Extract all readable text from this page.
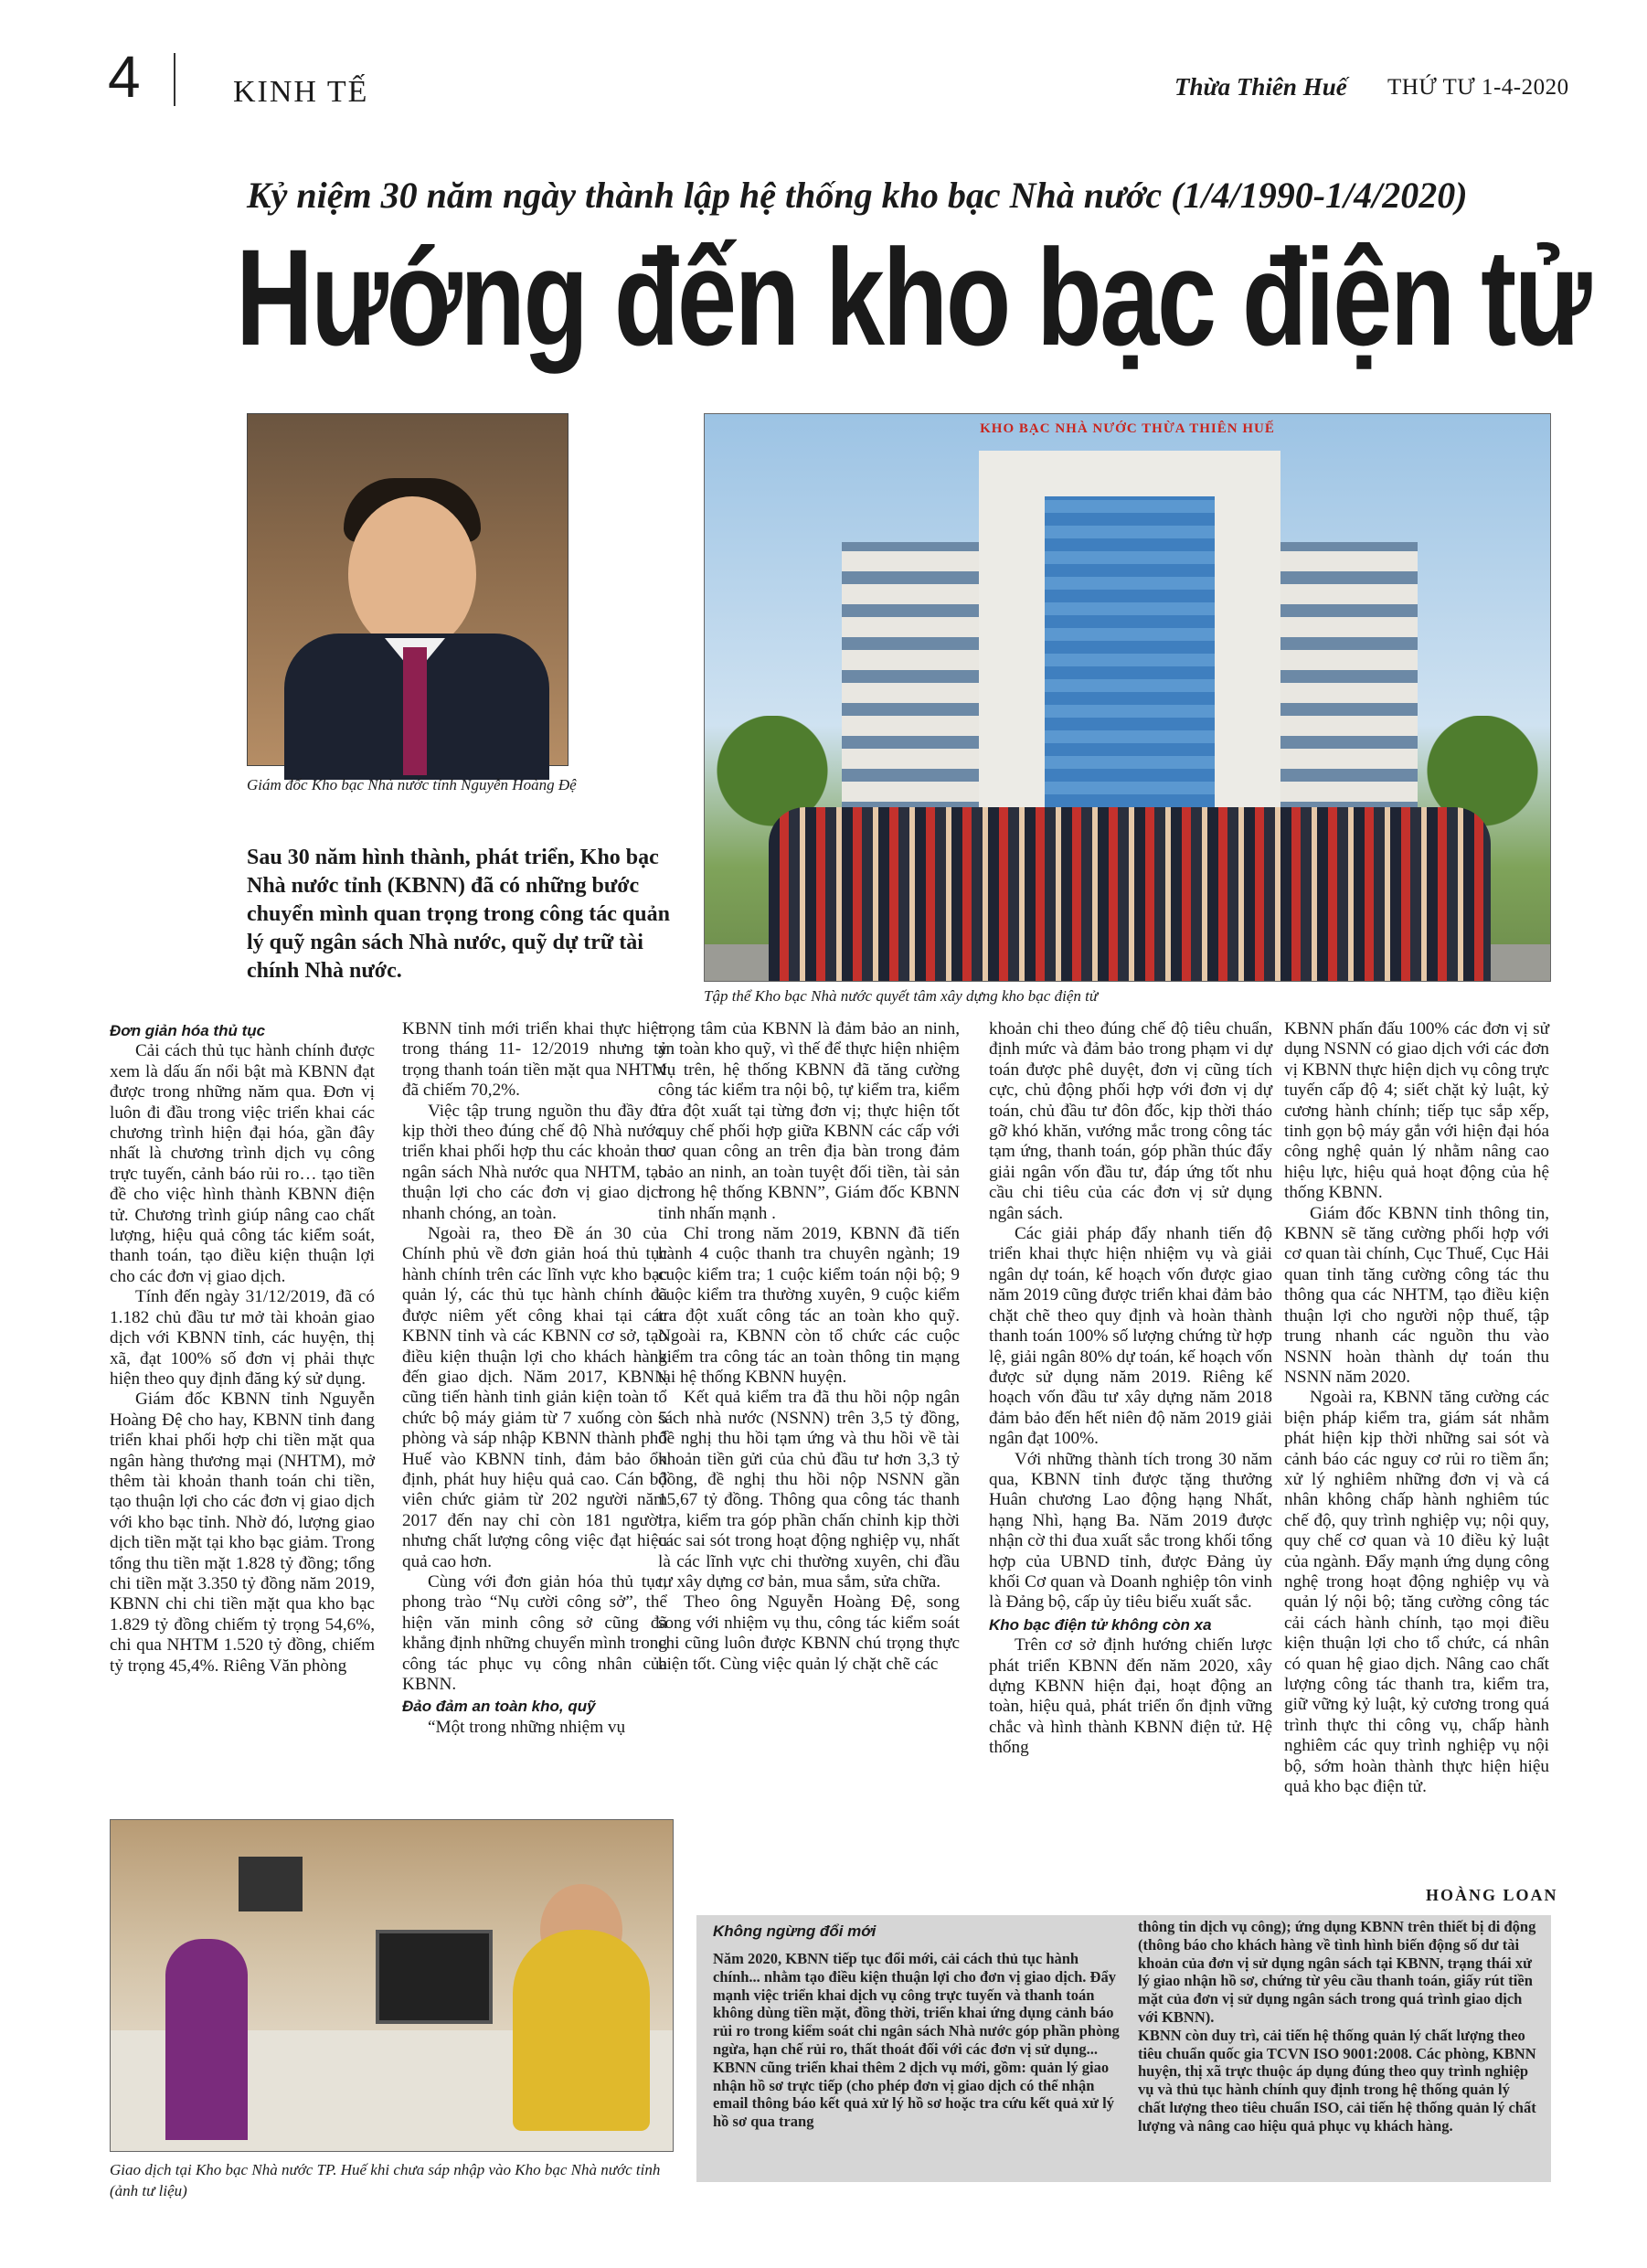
4	KINH TẾ	Thừa Thiên Huế THỨ TƯ 1-4-2020
Kỷ niệm 30 năm ngày thành lập hệ thống kho bạc Nhà nước (1/4/1990-1/4/2020)
Hướng đến kho bạc điện tử
Giám đốc Kho bạc Nhà nước tỉnh Nguyễn Hoàng Đệ
Sau 30 năm hình thành, phát triển, Kho bạc Nhà nước tỉnh (KBNN) đã có những bước chuyển mình quan trọng trong công tác quản lý quỹ ngân sách Nhà nước, quỹ dự trữ tài chính Nhà nước.
KHO BẠC NHÀ NƯỚC THỪA THIÊN HUẾ
Tập thể Kho bạc Nhà nước quyết tâm xây dựng kho bạc điện tử
Đơn giản hóa thủ tục

Cải cách thủ tục hành chính được xem là dấu ấn nổi bật mà KBNN đạt được trong những năm qua. Đơn vị luôn đi đầu trong việc triển khai các chương trình hiện đại hóa, gần đây nhất là chương trình dịch vụ công trực tuyến, cảnh báo rủi ro… tạo tiền đề cho việc hình thành KBNN điện tử. Chương trình giúp nâng cao chất lượng, hiệu quả công tác kiểm soát, thanh toán, tạo điều kiện thuận lợi cho các đơn vị giao dịch.

Tính đến ngày 31/12/2019, đã có 1.182 chủ đầu tư mở tài khoản giao dịch với KBNN tỉnh, các huyện, thị xã, đạt 100% số đơn vị phải thực hiện theo quy định đăng ký sử dụng.

Giám đốc KBNN tỉnh Nguyễn Hoàng Đệ cho hay, KBNN tỉnh đang triển khai phối hợp chi tiền mặt qua ngân hàng thương mại (NHTM), mở thêm tài khoản thanh toán chi tiền, tạo thuận lợi cho các đơn vị giao dịch với kho bạc tỉnh. Nhờ đó, lượng giao dịch tiền mặt tại kho bạc giảm. Trong tổng thu tiền mặt 1.828 tỷ đồng; tổng chi tiền mặt 3.350 tỷ đồng năm 2019, KBNN chi chi tiền mặt qua kho bạc 1.829 tỷ đồng chiếm tỷ trọng 54,6%, chi qua NHTM 1.520 tỷ đồng, chiếm tỷ trọng 45,4%. Riêng Văn phòng

KBNN tỉnh mới triển khai thực hiện trong tháng 11- 12/2019 nhưng tỷ trọng thanh toán tiền mặt qua NHTM đã chiếm 70,2%.

Việc tập trung nguồn thu đầy đủ kịp thời theo đúng chế độ Nhà nước, triển khai phối hợp thu các khoản thu ngân sách Nhà nước qua NHTM, tạo thuận lợi cho các đơn vị giao dịch nhanh chóng, an toàn.

Ngoài ra, theo Đề án 30 của Chính phủ về đơn giản hoá thủ tục hành chính trên các lĩnh vực kho bạc quản lý, các thủ tục hành chính đã được niêm yết công khai tại các KBNN tỉnh và các KBNN cơ sở, tạo điều kiện thuận lợi cho khách hàng đến giao dịch. Năm 2017, KBNN cũng tiến hành tinh giản kiện toàn tổ chức bộ máy giảm từ 7 xuống còn 5 phòng và sáp nhập KBNN thành phố Huế vào KBNN tỉnh, đảm bảo ổn định, phát huy hiệu quả cao. Cán bộ viên chức giảm từ 202 người năm 2017 đến nay chỉ còn 181 người, nhưng chất lượng công việc đạt hiệu quả cao hơn.

Cùng với đơn giản hóa thủ tục, phong trào “Nụ cười công sở”, thể hiện văn minh công sở cũng đã khẳng định những chuyển mình trong công tác phục vụ công nhân của KBNN.

Đảo đảm an toàn kho, quỹ

“Một trong những nhiệm vụ

trọng tâm của KBNN là đảm bảo an ninh, an toàn kho quỹ, vì thế để thực hiện nhiệm vụ trên, hệ thống KBNN đã tăng cường công tác kiểm tra nội bộ, tự kiểm tra, kiểm tra đột xuất tại từng đơn vị; thực hiện tốt quy chế phối hợp giữa KBNN các cấp với cơ quan công an trên địa bàn trong đảm bảo an ninh, an toàn tuyệt đối tiền, tài sản trong hệ thống KBNN”, Giám đốc KBNN tỉnh nhấn mạnh .

Chỉ trong năm 2019, KBNN đã tiến hành 4 cuộc thanh tra chuyên ngành; 19 cuộc kiểm tra; 1 cuộc kiểm toán nội bộ; 9 cuộc kiểm tra thường xuyên, 9 cuộc kiểm tra đột xuất công tác an toàn kho quỹ. Ngoài ra, KBNN còn tổ chức các cuộc kiểm tra công tác an toàn thông tin mạng tại hệ thống KBNN huyện.

Kết quả kiểm tra đã thu hồi nộp ngân sách nhà nước (NSNN) trên 3,5 tỷ đồng, đề nghị thu hồi tạm ứng và thu hồi về tài khoản tiền gửi của chủ đầu tư hơn 3,3 tỷ đồng, đề nghị thu hồi nộp NSNN gần 15,67 tỷ đồng. Thông qua công tác thanh tra, kiểm tra góp phần chấn chỉnh kịp thời các sai sót trong hoạt động nghiệp vụ, nhất là các lĩnh vực chi thường xuyên, chi đầu tư xây dựng cơ bản, mua sắm, sửa chữa.

Theo ông Nguyễn Hoàng Đệ, song song với nhiệm vụ thu, công tác kiểm soát chi cũng luôn được KBNN chú trọng thực hiện tốt. Cùng việc quản lý chặt chẽ các

khoản chi theo đúng chế độ tiêu chuẩn, định mức và đảm bảo trong phạm vi dự toán được phê duyệt, đơn vị cũng tích cực, chủ động phối hợp với đơn vị dự toán, chủ đầu tư đôn đốc, kịp thời tháo gỡ khó khăn, vướng mắc trong công tác tạm ứng, thanh toán, góp phần thúc đẩy giải ngân vốn đầu tư, đáp ứng tốt nhu cầu chi tiêu của các đơn vị sử dụng ngân sách.

Các giải pháp đẩy nhanh tiến độ triển khai thực hiện nhiệm vụ và giải ngân dự toán, kế hoạch vốn được giao năm 2019 cũng được triển khai đảm bảo chặt chẽ theo quy định và hoàn thành thanh toán 100% số lượng chứng từ hợp lệ, giải ngân 80% dự toán, kế hoạch vốn được sử dụng năm 2019. Riêng kế hoạch vốn đầu tư xây dựng năm 2018 đảm bảo đến hết niên độ năm 2019 giải ngân đạt 100%.

Với những thành tích trong 30 năm qua, KBNN tỉnh được tặng thưởng Huân chương Lao động hạng Nhất, hạng Nhì, hạng Ba. Năm 2019 được nhận cờ thi đua xuất sắc trong khối tổng hợp của UBND tỉnh, được Đảng ủy khối Cơ quan và Doanh nghiệp tôn vinh là Đảng bộ, cấp ủy tiêu biểu xuất sắc.

Kho bạc điện tử không còn xa

Trên cơ sở định hướng chiến lược phát triển KBNN đến năm 2020, xây dựng KBNN hiện đại, hoạt động an toàn, hiệu quả, phát triển ổn định vững chắc và hình thành KBNN điện tử. Hệ thống

KBNN phấn đấu 100% các đơn vị sử dụng NSNN có giao dịch với các đơn vị KBNN thực hiện dịch vụ công trực tuyến cấp độ 4; siết chặt kỷ luật, kỷ cương hành chính; tiếp tục sắp xếp, tinh gọn bộ máy gắn với hiện đại hóa công nghệ quản lý nhằm nâng cao hiệu lực, hiệu quả hoạt động của hệ thống KBNN.

Giám đốc KBNN tỉnh thông tin, KBNN sẽ tăng cường phối hợp với cơ quan tài chính, Cục Thuế, Cục Hải quan tỉnh tăng cường công tác thu thông qua các NHTM, tạo điều kiện thuận lợi cho người nộp thuế, tập trung nhanh các nguồn thu vào NSNN hoàn thành dự toán thu NSNN năm 2020.

Ngoài ra, KBNN tăng cường các biện pháp kiểm tra, giám sát nhằm phát hiện kịp thời những sai sót và cảnh báo các nguy cơ rủi ro tiềm ẩn; xử lý nghiêm những đơn vị và cá nhân không chấp hành nghiêm túc chế độ, quy trình nghiệp vụ; nội quy, quy chế cơ quan và 10 điều kỷ luật của ngành. Đẩy mạnh ứng dụng công nghệ trong hoạt động nghiệp vụ và quản lý nội bộ; tăng cường công tác cải cách hành chính, tạo mọi điều kiện thuận lợi cho tổ chức, cá nhân có quan hệ giao dịch. Nâng cao chất lượng công tác thanh tra, kiểm tra, giữ vững kỷ luật, kỷ cương trong quá trình thực thi công vụ, chấp hành nghiêm các quy trình nghiệp vụ nội bộ, sớm hoàn thành thực hiện hiệu quả kho bạc điện tử.

HOÀNG LOAN
Giao dịch tại Kho bạc Nhà nước TP. Huế khi chưa sáp nhập vào Kho bạc Nhà nước tỉnh (ảnh tư liệu)
Không ngừng đổi mới

Năm 2020, KBNN tiếp tục đổi mới, cải cách thủ tục hành chính... nhằm tạo điều kiện thuận lợi cho đơn vị giao dịch. Đẩy mạnh việc triển khai dịch vụ công trực tuyến và thanh toán không dùng tiền mặt, đồng thời, triển khai ứng dụng cảnh báo rủi ro trong kiểm soát chi ngân sách Nhà nước góp phần phòng ngừa, hạn chế rủi ro, thất thoát đối với các đơn vị sử dụng...

KBNN cũng triển khai thêm 2 dịch vụ mới, gồm: quản lý giao nhận hồ sơ trực tiếp (cho phép đơn vị giao dịch có thể nhận email thông báo kết quả xử lý hồ sơ hoặc tra cứu kết quả xử lý hồ sơ qua trang

thông tin dịch vụ công); ứng dụng KBNN trên thiết bị di động (thông báo cho khách hàng về tình hình biến động số dư tài khoản của đơn vị sử dụng ngân sách tại KBNN, trạng thái xử lý giao nhận hồ sơ, chứng từ yêu cầu thanh toán, giấy rút tiền mặt của đơn vị sử dụng ngân sách trong quá trình giao dịch với KBNN).

KBNN còn duy trì, cải tiến hệ thống quản lý chất lượng theo tiêu chuẩn quốc gia TCVN ISO 9001:2008. Các phòng, KBNN huyện, thị xã trực thuộc áp dụng đúng theo quy trình nghiệp vụ và thủ tục hành chính quy định trong hệ thống quản lý chất lượng theo tiêu chuẩn ISO, cải tiến hệ thống quản lý chất lượng và nâng cao hiệu quả phục vụ khách hàng.
